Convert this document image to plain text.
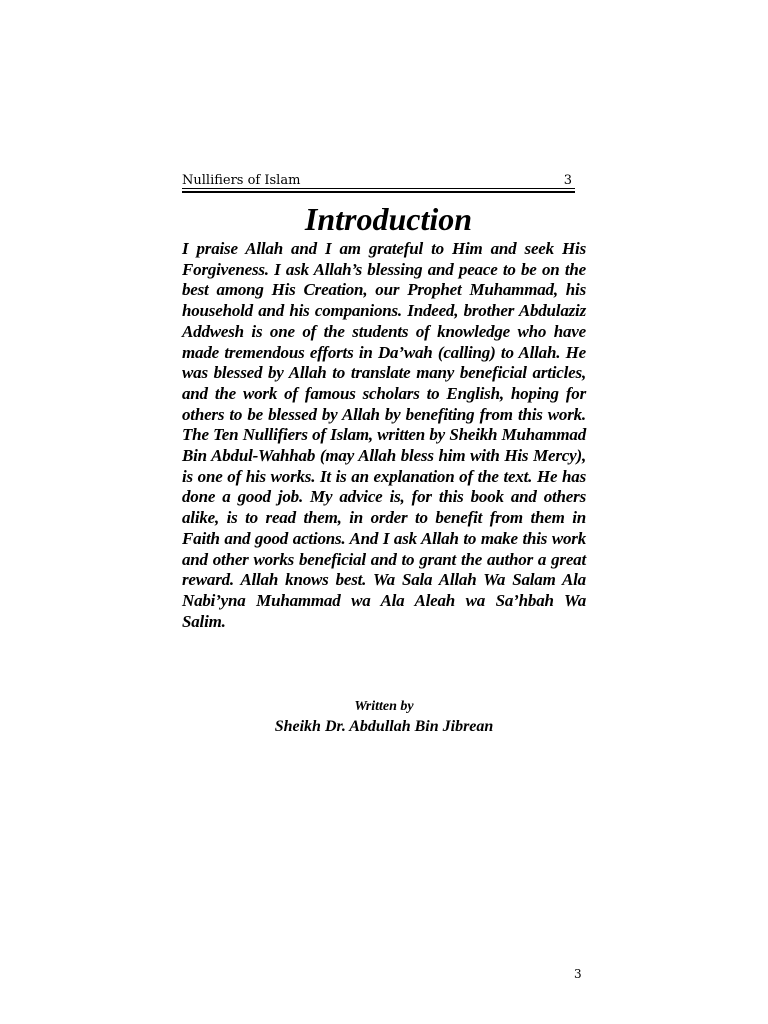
Nullifiers of Islam	3
Introduction

I praise Allah and I am grateful to Him and seek His Forgiveness. I ask Allah’s blessing and peace to be on the best among His Creation, our Prophet Muhammad, his household and his companions. Indeed, brother Abdulaziz Addwesh is one of the students of knowledge who have made tremendous efforts in Da’wah (calling) to Allah. He was blessed by Allah to translate many beneficial articles, and the work of famous scholars to English, hoping for others to be blessed by Allah by benefiting from this work. The Ten Nullifiers of Islam, written by Sheikh Muhammad Bin Abdul-Wahhab (may Allah bless him with His Mercy), is one of his works. It is an explanation of the text. He has done a good job. My advice is, for this book and others alike, is to read them, in order to benefit from them in Faith and good actions. And I ask Allah to make this work and other works beneficial and to grant the author a great reward. Allah knows best. Wa Sala Allah Wa Salam Ala Nabi’yna Muhammad wa Ala Aleah wa Sa’hbah Wa Salim.

Written by

Sheikh Dr. Abdullah Bin Jibrean

3
